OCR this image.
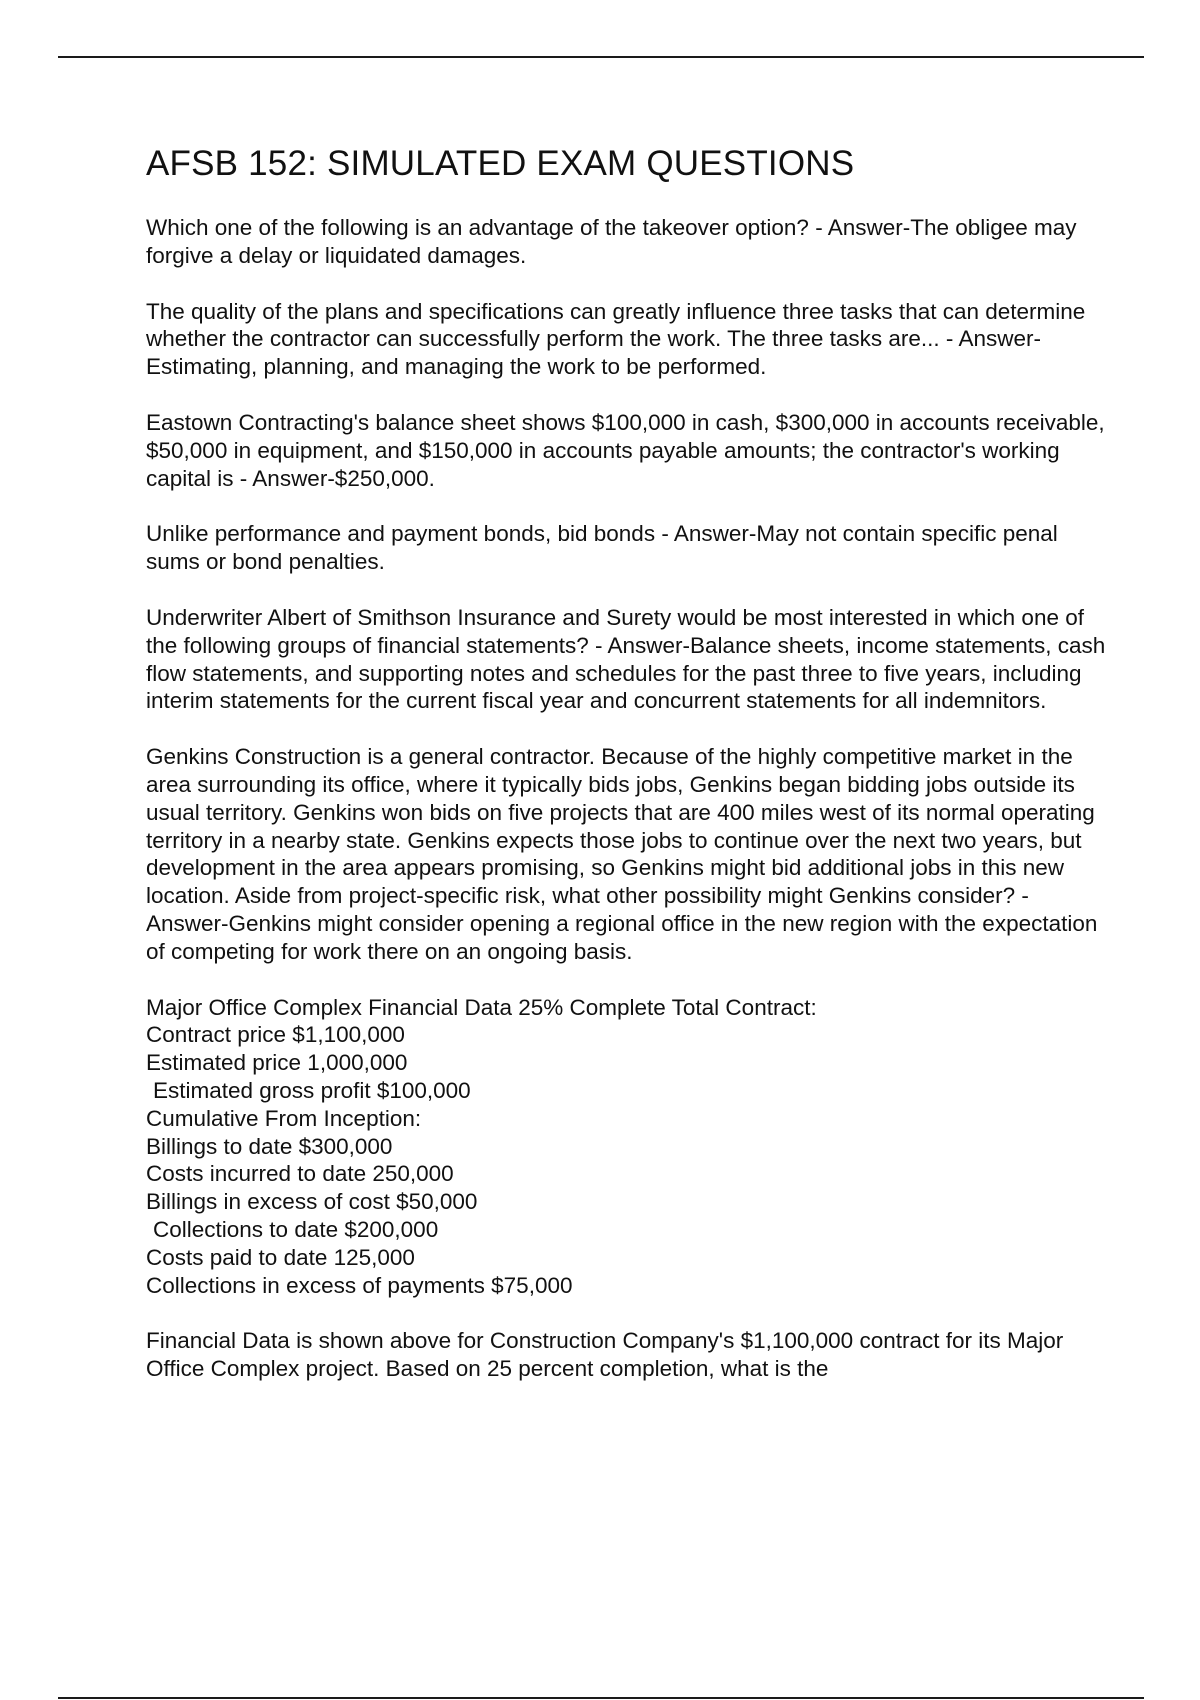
AFSB 152: SIMULATED EXAM QUESTIONS

Which one of the following is an advantage of the takeover option? - Answer-The obligee may forgive a delay or liquidated damages.

The quality of the plans and specifications can greatly influence three tasks that can determine whether the contractor can successfully perform the work. The three tasks are... - Answer-Estimating, planning, and managing the work to be performed.

Eastown Contracting's balance sheet shows $100,000 in cash, $300,000 in accounts receivable, $50,000 in equipment, and $150,000 in accounts payable amounts; the contractor's working capital is - Answer-$250,000.

Unlike performance and payment bonds, bid bonds - Answer-May not contain specific penal sums or bond penalties.

Underwriter Albert of Smithson Insurance and Surety would be most interested in which one of the following groups of financial statements? - Answer-Balance sheets, income statements, cash flow statements, and supporting notes and schedules for the past three to five years, including interim statements for the current fiscal year and concurrent statements for all indemnitors.

Genkins Construction is a general contractor. Because of the highly competitive market in the area surrounding its office, where it typically bids jobs, Genkins began bidding jobs outside its usual territory. Genkins won bids on five projects that are 400 miles west of its normal operating territory in a nearby state. Genkins expects those jobs to continue over the next two years, but development in the area appears promising, so Genkins might bid additional jobs in this new location. Aside from project-specific risk, what other possibility might Genkins consider? - Answer-Genkins might consider opening a regional office in the new region with the expectation of competing for work there on an ongoing basis.

Major Office Complex Financial Data 25% Complete Total Contract:
Contract price $1,100,000
Estimated price 1,000,000
Estimated gross profit $100,000
Cumulative From Inception:
Billings to date $300,000
Costs incurred to date 250,000
Billings in excess of cost $50,000
Collections to date $200,000
Costs paid to date 125,000
Collections in excess of payments $75,000

Financial Data is shown above for Construction Company's $1,100,000 contract for its Major Office Complex project. Based on 25 percent completion, what is the
